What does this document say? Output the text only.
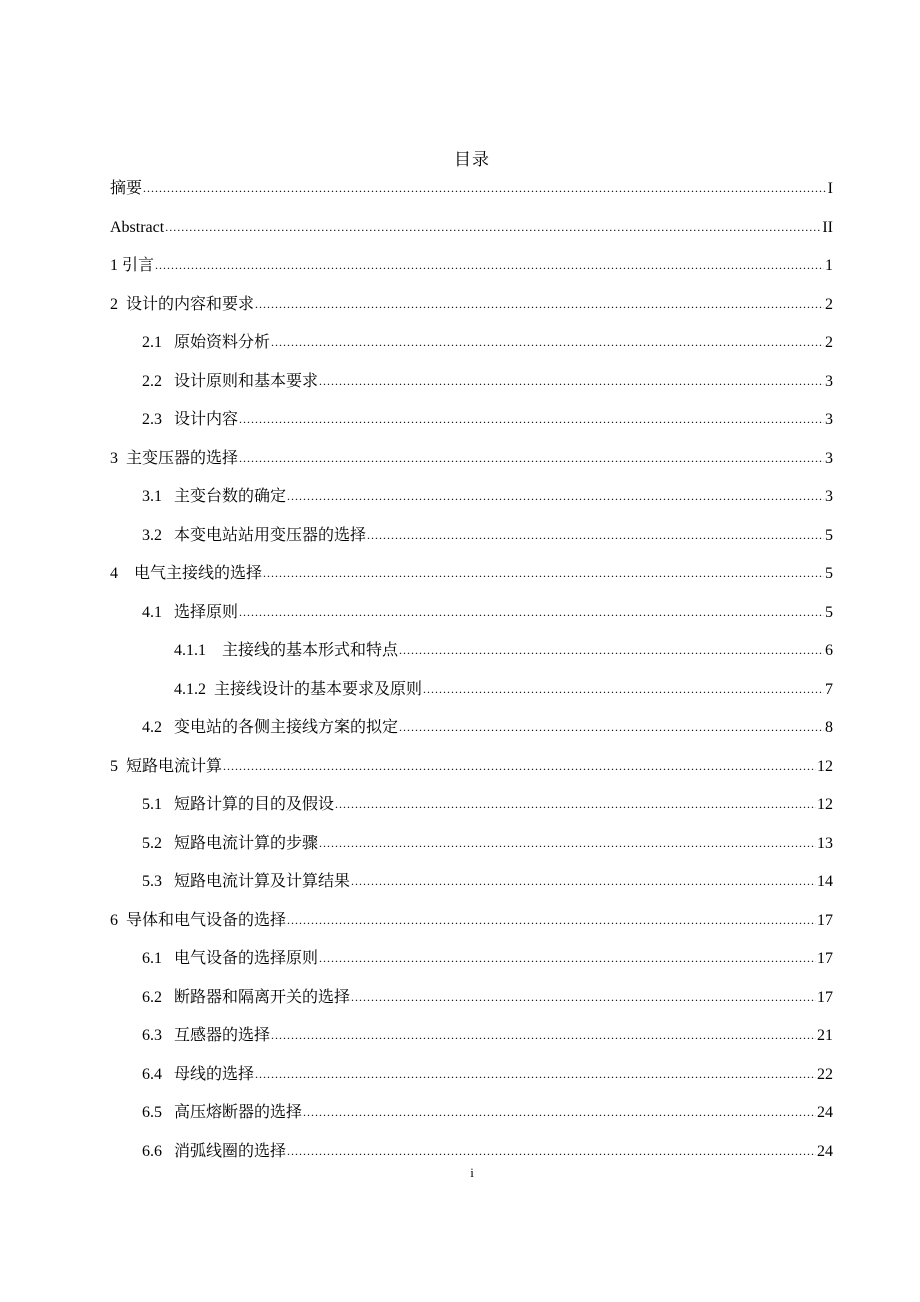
目录
摘要 .....	I
Abstract .....	II
1 引言 .....	1
2 设计的内容和要求 .....	2
2.1 原始资料分析 .....	2
2.2 设计原则和基本要求 .....	3
2.3 设计内容 .....	3
3 主变压器的选择 .....	3
3.1 主变台数的确定 .....	3
3.2 本变电站站用变压器的选择 .....	5
4 电气主接线的选择 .....	5
4.1 选择原则 .....	5
4.1.1 主接线的基本形式和特点 .....	6
4.1.2 主接线设计的基本要求及原则 .....	7
4.2 变电站的各侧主接线方案的拟定 .....	8
5 短路电流计算 .....	12
5.1 短路计算的目的及假设 .....	12
5.2 短路电流计算的步骤 .....	13
5.3 短路电流计算及计算结果 .....	14
6 导体和电气设备的选择 .....	17
6.1 电气设备的选择原则 .....	17
6.2 断路器和隔离开关的选择 .....	17
6.3 互感器的选择 .....	21
6.4 母线的选择 .....	22
6.5 高压熔断器的选择 .....	24
6.6 消弧线圈的选择 .....	24
i
